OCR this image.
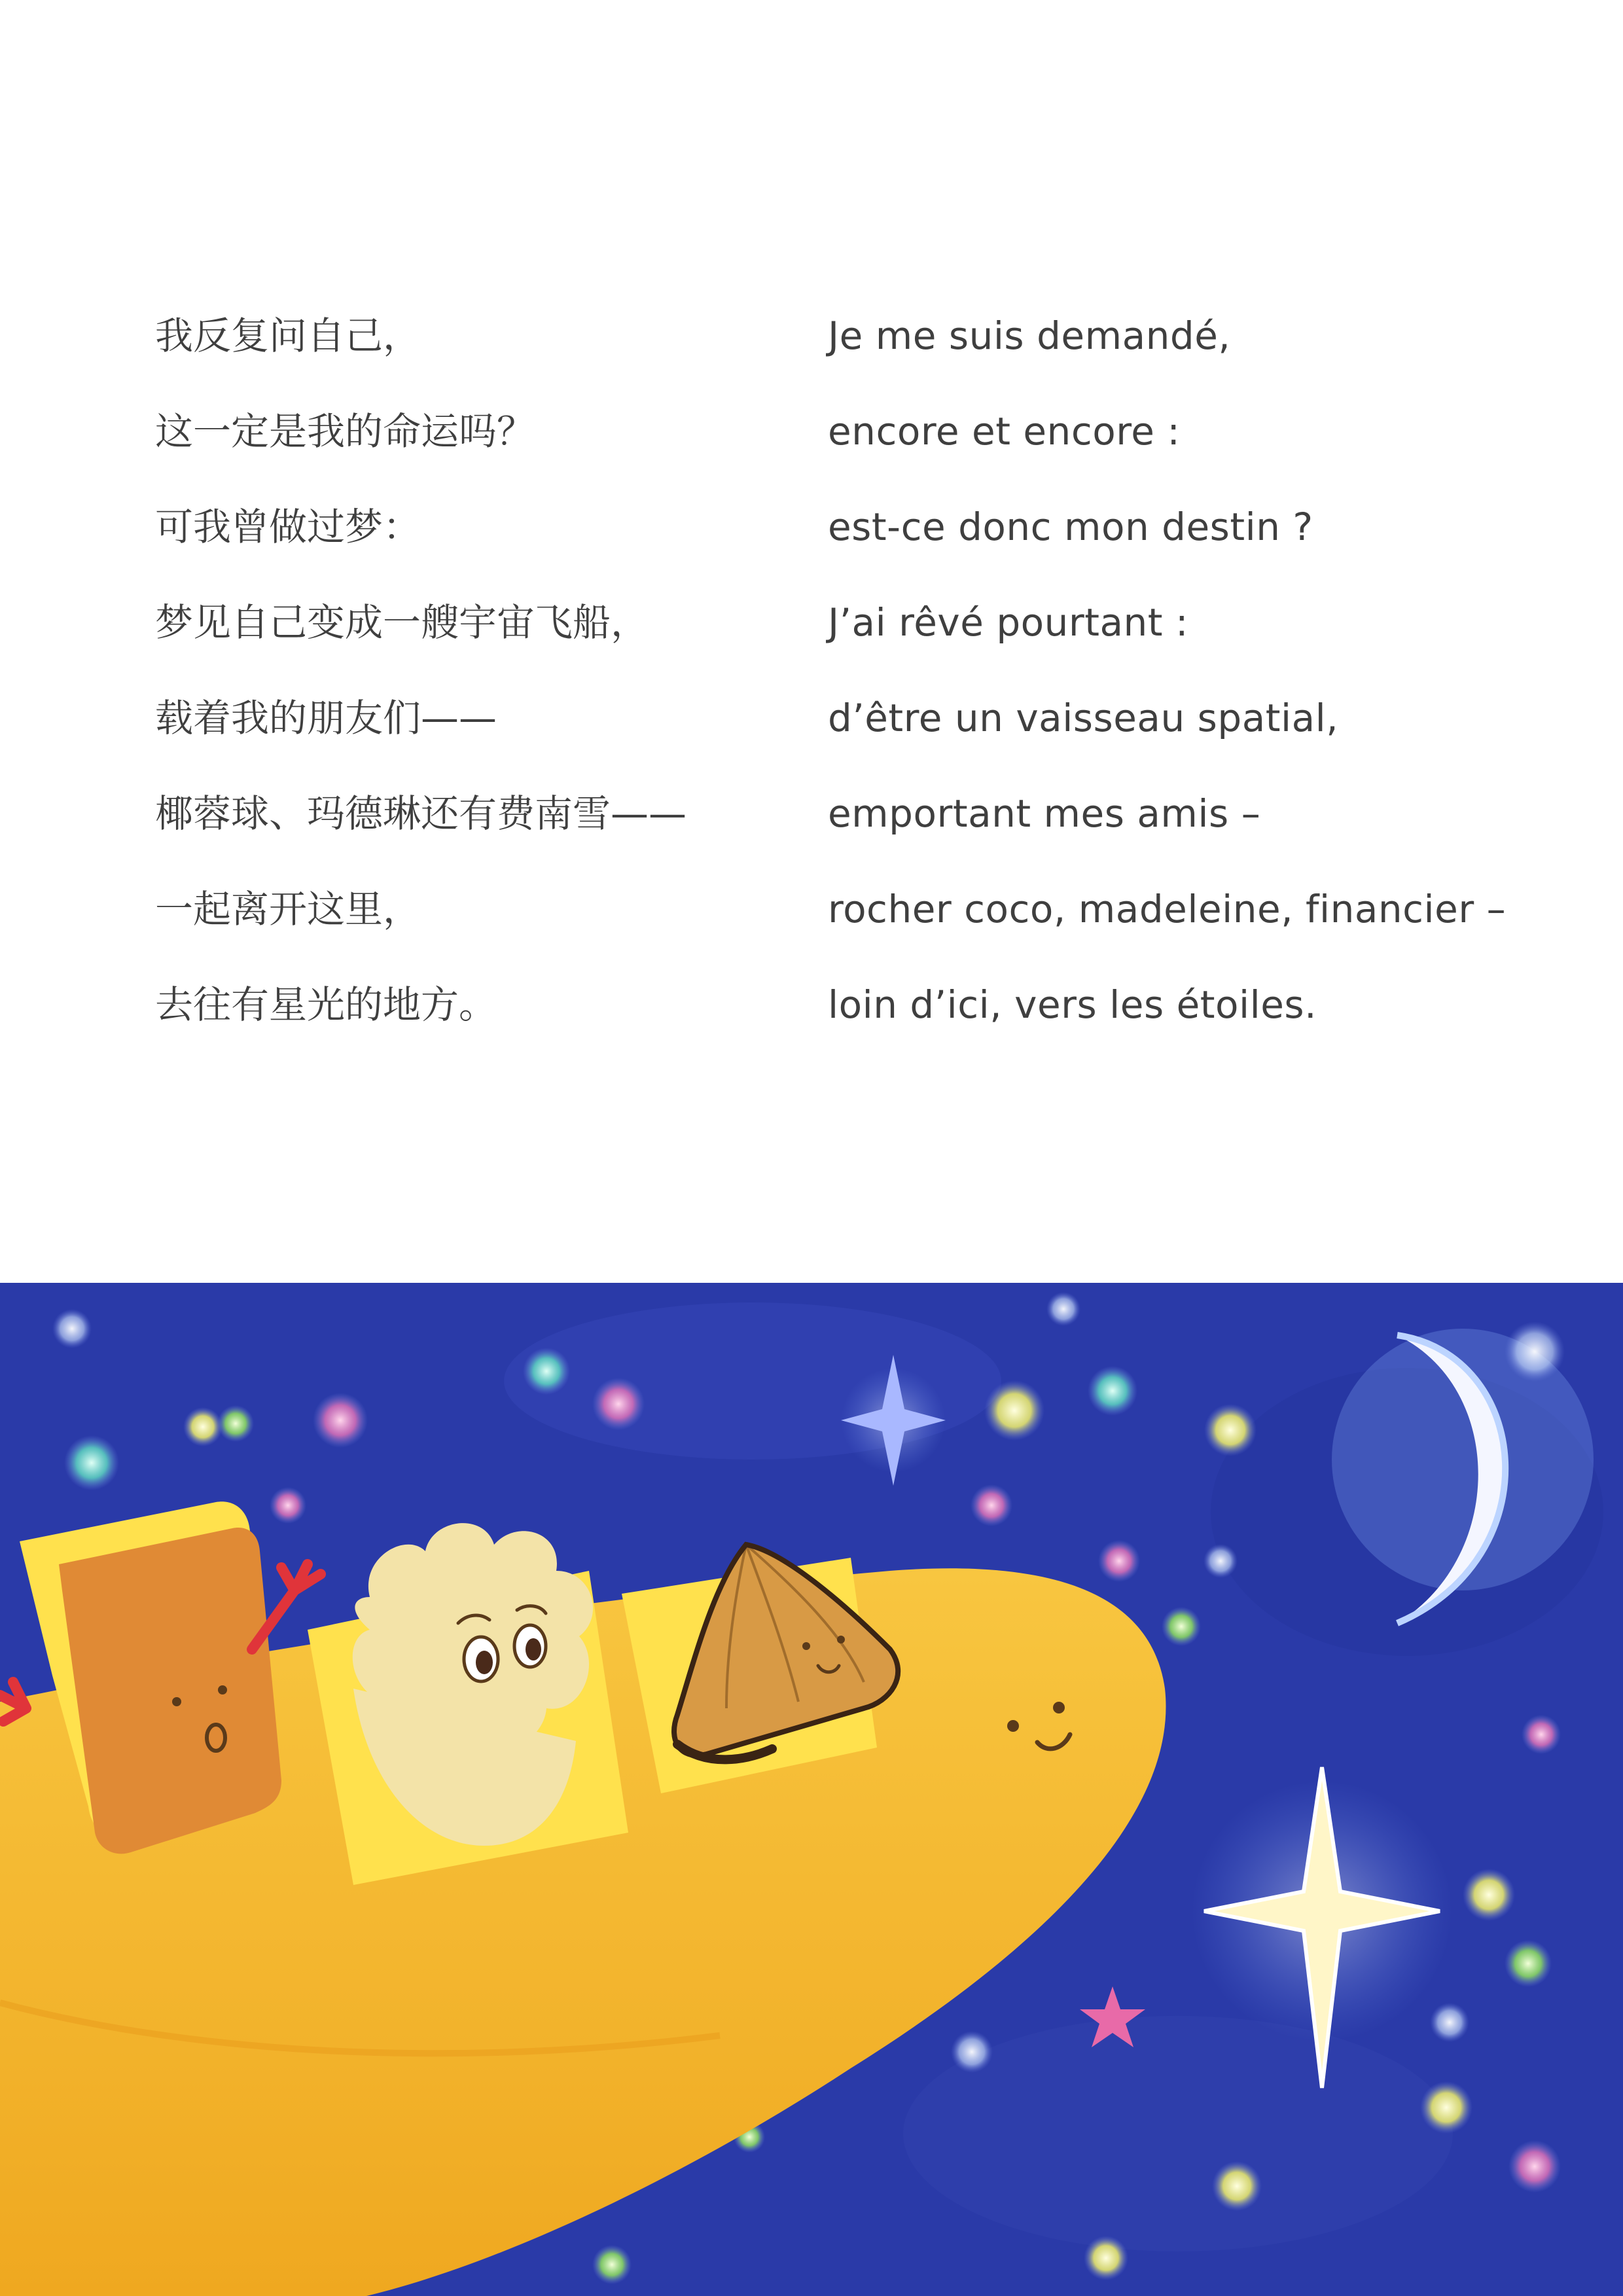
我反复问自己，
这一定是我的命运吗？
可我曾做过梦：
梦见自己变成一艘宇宙飞船，
载着我的朋友们——
椰蓉球、玛德琳还有费南雪——
一起离开这里，
去往有星光的地方。
Je me suis demandé,
encore et encore :
est-ce donc mon destin ?
J’ai rêvé pourtant :
d’être un vaisseau spatial,
emportant mes amis –
rocher coco, madeleine, financier –
loin d’ici, vers les étoiles.
